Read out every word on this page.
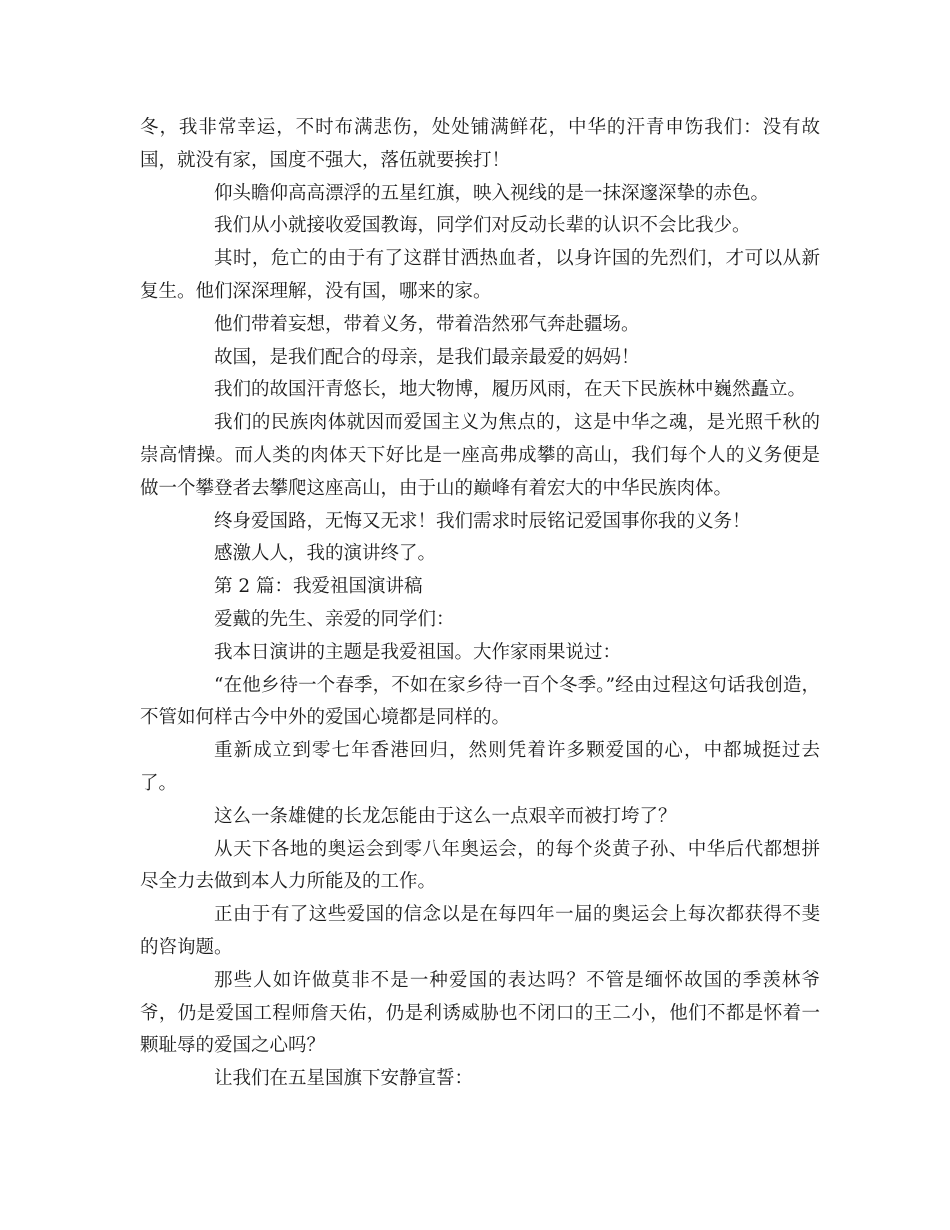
冬，我非常幸运，不时布满悲伤，处处铺满鲜花，中华的汗青申饬我们：没有故国，就没有家，国度不强大，落伍就要挨打！

仰头瞻仰高高漂浮的五星红旗，映入视线的是一抹深邃深挚的赤色。

我们从小就接收爱国教诲，同学们对反动长辈的认识不会比我少。

其时，危亡的由于有了这群甘洒热血者，以身许国的先烈们，才可以从新复生。他们深深理解，没有国，哪来的家。

他们带着妄想，带着义务，带着浩然邪气奔赴疆场。

故国，是我们配合的母亲，是我们最亲最爱的妈妈！

我们的故国汗青悠长，地大物博，履历风雨，在天下民族林中巍然矗立。

我们的民族肉体就因而爱国主义为焦点的，这是中华之魂，是光照千秋的崇高情操。而人类的肉体天下好比是一座高弗成攀的高山，我们每个人的义务便是做一个攀登者去攀爬这座高山，由于山的巅峰有着宏大的中华民族肉体。

终身爱国路，无悔又无求！我们需求时辰铭记爱国事你我的义务！

感激人人，我的演讲终了。

第 2 篇：我爱祖国演讲稿

爱戴的先生、亲爱的同学们：

我本日演讲的主题是我爱祖国。大作家雨果说过：

“在他乡待一个春季，不如在家乡待一百个冬季。”经由过程这句话我创造，不管如何样古今中外的爱国心境都是同样的。

重新成立到零七年香港回归，然则凭着许多颗爱国的心，中都城挺过去了。

这么一条雄健的长龙怎能由于这么一点艰辛而被打垮了？

从天下各地的奥运会到零八年奥运会，的每个炎黄子孙、中华后代都想拼尽全力去做到本人力所能及的工作。

正由于有了这些爱国的信念以是在每四年一届的奥运会上每次都获得不斐的咨询题。

那些人如许做莫非不是一种爱国的表达吗？不管是缅怀故国的季羡林爷爷，仍是爱国工程师詹天佑，仍是利诱威胁也不闭口的王二小，他们不都是怀着一颗耻辱的爱国之心吗？

让我们在五星国旗下安静宣誓：
